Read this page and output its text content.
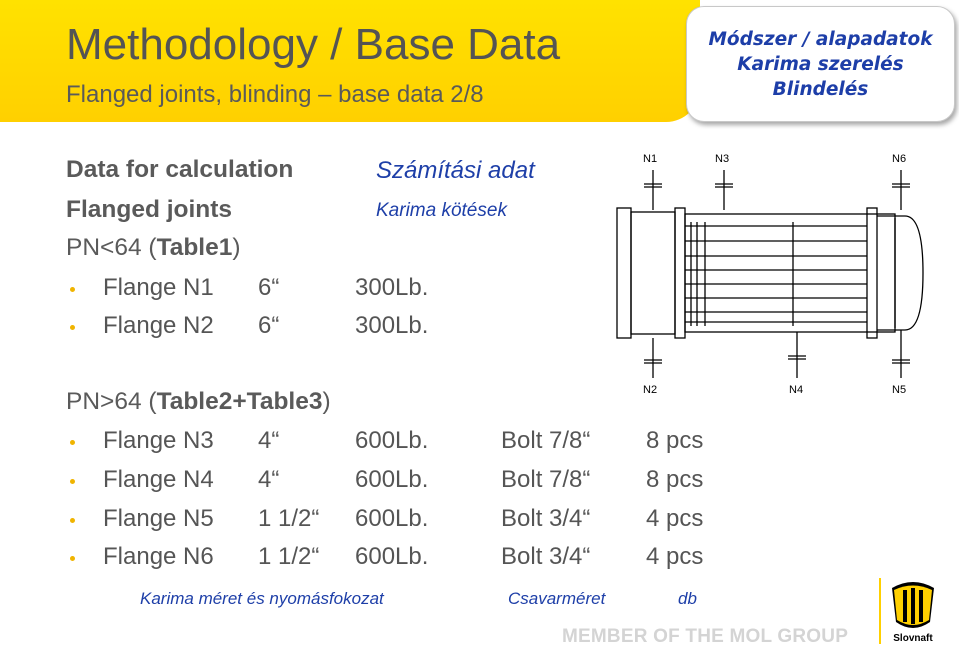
Methodology / Base Data
Flanged joints, blinding – base data 2/8
Módszer / alapadatok
Karima szerelés
Blindelés
Data for calculation
Flanged joints
Számítási adat
Karima kötések
PN<64 (Table1)
Flange N1 6“	300Lb.
Flange N2 6“	300Lb.
PN>64 (Table2+Table3)
Flange N3 4“	600Lb.	Bolt 7/8“ 8 pcs
Flange N4 4“	600Lb.	Bolt 7/8“ 8 pcs
Flange N5 1 1/2“ 600Lb.	Bolt 3/4“ 4 pcs
Flange N6 1 1/2“ 600Lb.	Bolt 3/4“ 4 pcs
Karima méret és nyomásfokozat	Csavarméret	db
MEMBER OF THE MOL GROUP
N1	N3	N6
N2	N4	N5
Slovnaft
